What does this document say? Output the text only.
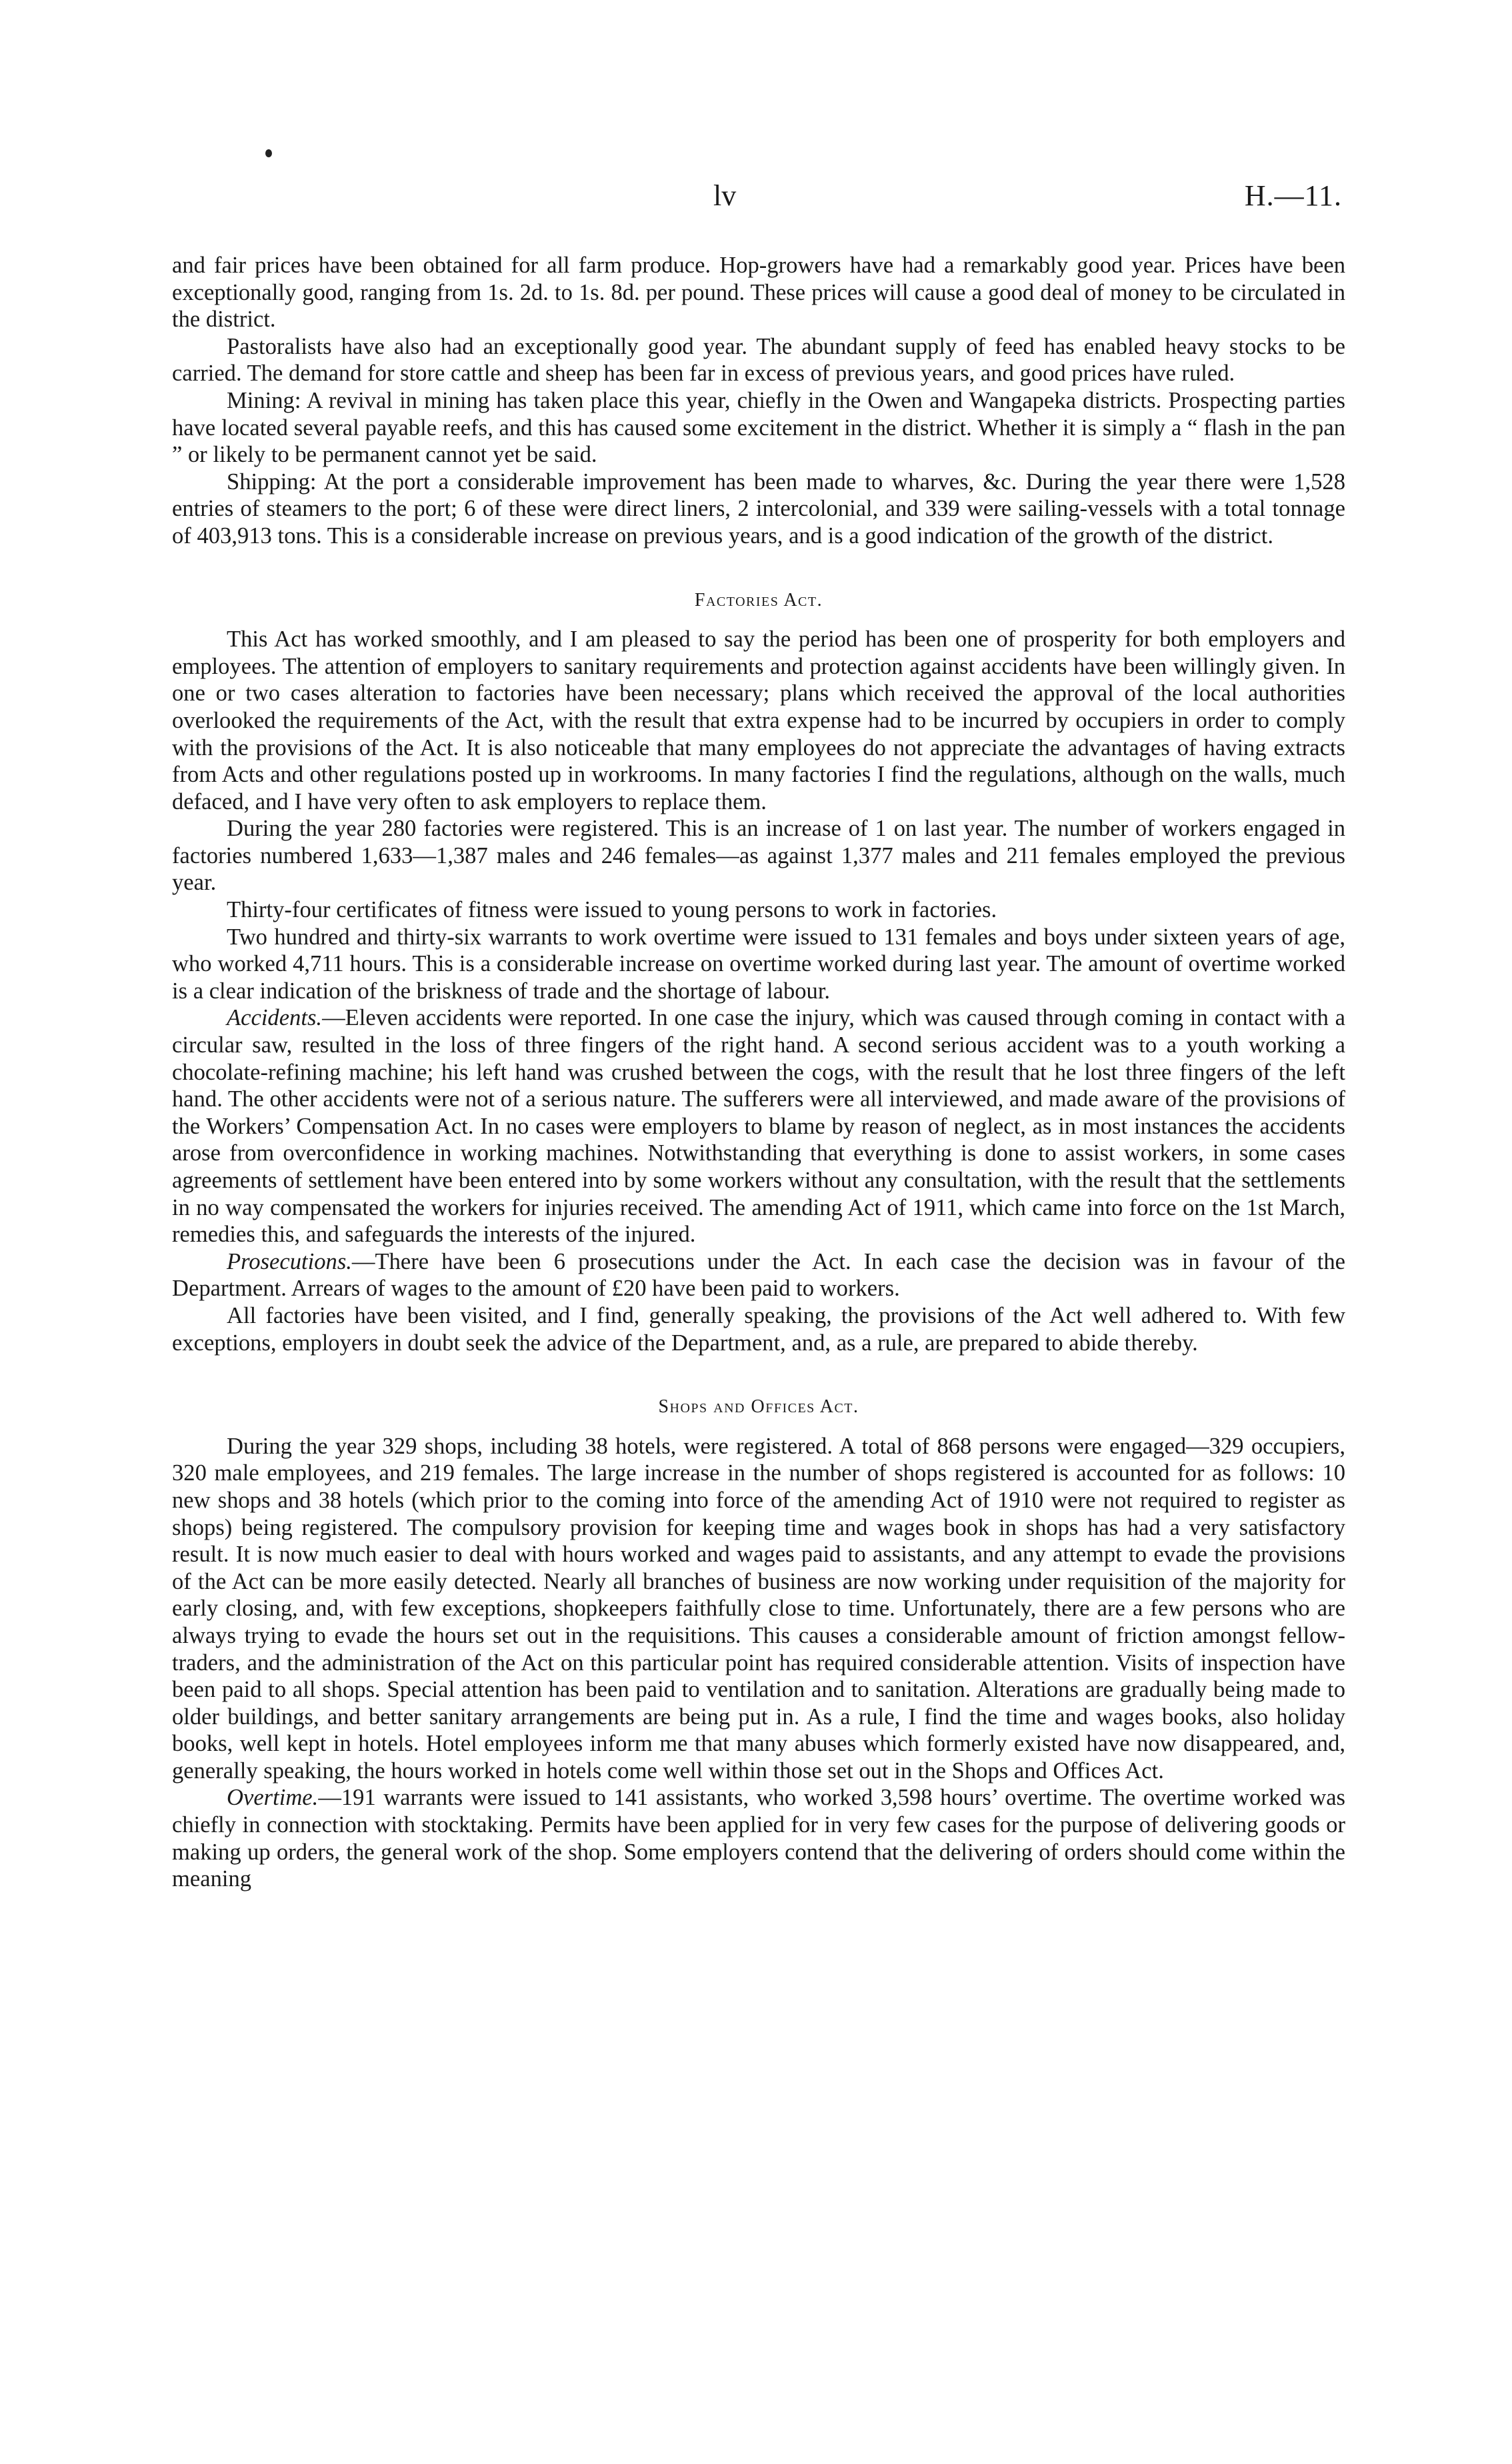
lv	H.—11.

and fair prices have been obtained for all farm produce. Hop-growers have had a remarkably good year. Prices have been exceptionally good, ranging from 1s. 2d. to 1s. 8d. per pound. These prices will cause a good deal of money to be circulated in the district.

Pastoralists have also had an exceptionally good year. The abundant supply of feed has enabled heavy stocks to be carried. The demand for store cattle and sheep has been far in excess of previous years, and good prices have ruled.

Mining: A revival in mining has taken place this year, chiefly in the Owen and Wangapeka districts. Prospecting parties have located several payable reefs, and this has caused some excitement in the district. Whether it is simply a “ flash in the pan ” or likely to be permanent cannot yet be said.

Shipping: At the port a considerable improvement has been made to wharves, &c. During the year there were 1,528 entries of steamers to the port; 6 of these were direct liners, 2 intercolonial, and 339 were sailing-vessels with a total tonnage of 403,913 tons. This is a considerable increase on previous years, and is a good indication of the growth of the district.

Factories Act.

This Act has worked smoothly, and I am pleased to say the period has been one of prosperity for both employers and employees. The attention of employers to sanitary requirements and protection against accidents have been willingly given. In one or two cases alteration to factories have been necessary; plans which received the approval of the local authorities overlooked the requirements of the Act, with the result that extra expense had to be incurred by occupiers in order to comply with the provisions of the Act. It is also noticeable that many employees do not appreciate the advantages of having extracts from Acts and other regulations posted up in workrooms. In many factories I find the regulations, although on the walls, much defaced, and I have very often to ask employers to replace them.

During the year 280 factories were registered. This is an increase of 1 on last year. The number of workers engaged in factories numbered 1,633—1,387 males and 246 females—as against 1,377 males and 211 females employed the previous year.

Thirty-four certificates of fitness were issued to young persons to work in factories.

Two hundred and thirty-six warrants to work overtime were issued to 131 females and boys under sixteen years of age, who worked 4,711 hours. This is a considerable increase on overtime worked during last year. The amount of overtime worked is a clear indication of the briskness of trade and the shortage of labour.

Accidents.—Eleven accidents were reported. In one case the injury, which was caused through coming in contact with a circular saw, resulted in the loss of three fingers of the right hand. A second serious accident was to a youth working a chocolate-refining machine; his left hand was crushed between the cogs, with the result that he lost three fingers of the left hand. The other accidents were not of a serious nature. The sufferers were all interviewed, and made aware of the provisions of the Workers’ Compensation Act. In no cases were employers to blame by reason of neglect, as in most instances the accidents arose from overconfidence in working machines. Notwithstanding that everything is done to assist workers, in some cases agreements of settlement have been entered into by some workers without any consultation, with the result that the settlements in no way compensated the workers for injuries received. The amending Act of 1911, which came into force on the 1st March, remedies this, and safeguards the interests of the injured.

Prosecutions.—There have been 6 prosecutions under the Act. In each case the decision was in favour of the Department. Arrears of wages to the amount of £20 have been paid to workers.

All factories have been visited, and I find, generally speaking, the provisions of the Act well adhered to. With few exceptions, employers in doubt seek the advice of the Department, and, as a rule, are prepared to abide thereby.

Shops and Offices Act.

During the year 329 shops, including 38 hotels, were registered. A total of 868 persons were engaged—329 occupiers, 320 male employees, and 219 females. The large increase in the number of shops registered is accounted for as follows: 10 new shops and 38 hotels (which prior to the coming into force of the amending Act of 1910 were not required to register as shops) being registered. The compulsory provision for keeping time and wages book in shops has had a very satisfactory result. It is now much easier to deal with hours worked and wages paid to assistants, and any attempt to evade the provisions of the Act can be more easily detected. Nearly all branches of business are now working under requisition of the majority for early closing, and, with few exceptions, shopkeepers faithfully close to time. Unfortunately, there are a few persons who are always trying to evade the hours set out in the requisitions. This causes a considerable amount of friction amongst fellow-traders, and the administration of the Act on this particular point has required considerable attention. Visits of inspection have been paid to all shops. Special attention has been paid to ventilation and to sanitation. Alterations are gradually being made to older buildings, and better sanitary arrangements are being put in. As a rule, I find the time and wages books, also holiday books, well kept in hotels. Hotel employees inform me that many abuses which formerly existed have now disappeared, and, generally speaking, the hours worked in hotels come well within those set out in the Shops and Offices Act.

Overtime.—191 warrants were issued to 141 assistants, who worked 3,598 hours’ overtime. The overtime worked was chiefly in connection with stocktaking. Permits have been applied for in very few cases for the purpose of delivering goods or making up orders, the general work of the shop. Some employers contend that the delivering of orders should come within the meaning
